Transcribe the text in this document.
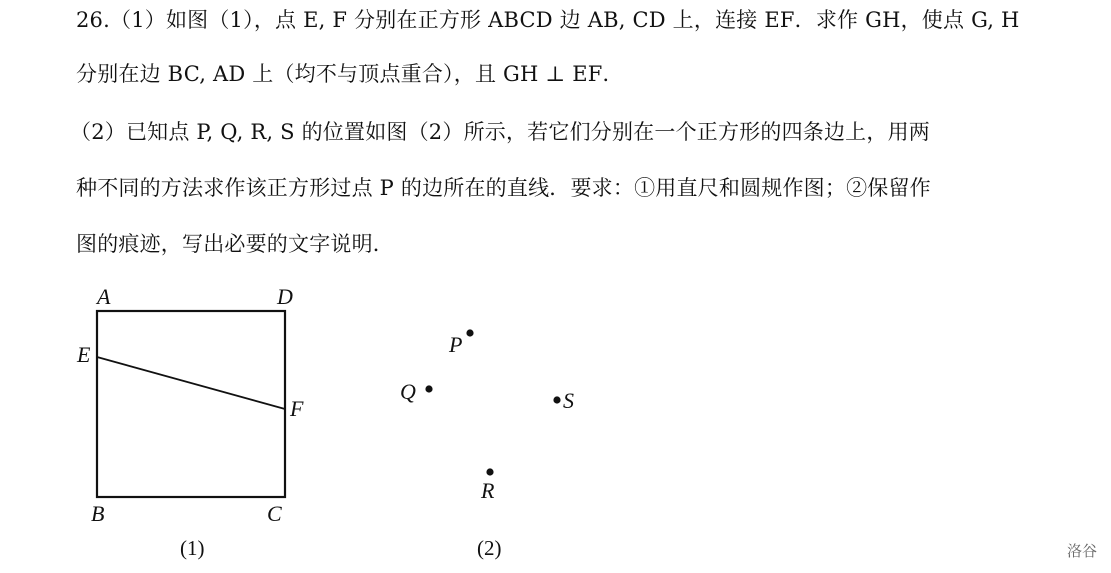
26.（1）如图（1），点 E, F 分别在正方形 ABCD 边 AB, CD 上，连接 EF．求作 GH，使点 G, H
分别在边 BC, AD 上（均不与顶点重合），且 GH ⊥ EF．
（2）已知点 P, Q, R, S 的位置如图（2）所示，若它们分别在一个正方形的四条边上，用两
种不同的方法求作该正方形过点 P 的边所在的直线．要求：①用直尺和圆规作图；②保留作
图的痕迹，写出必要的文字说明．
A	D
E
F
B	C
(1)
P
Q	S
R
(2)	洛谷
